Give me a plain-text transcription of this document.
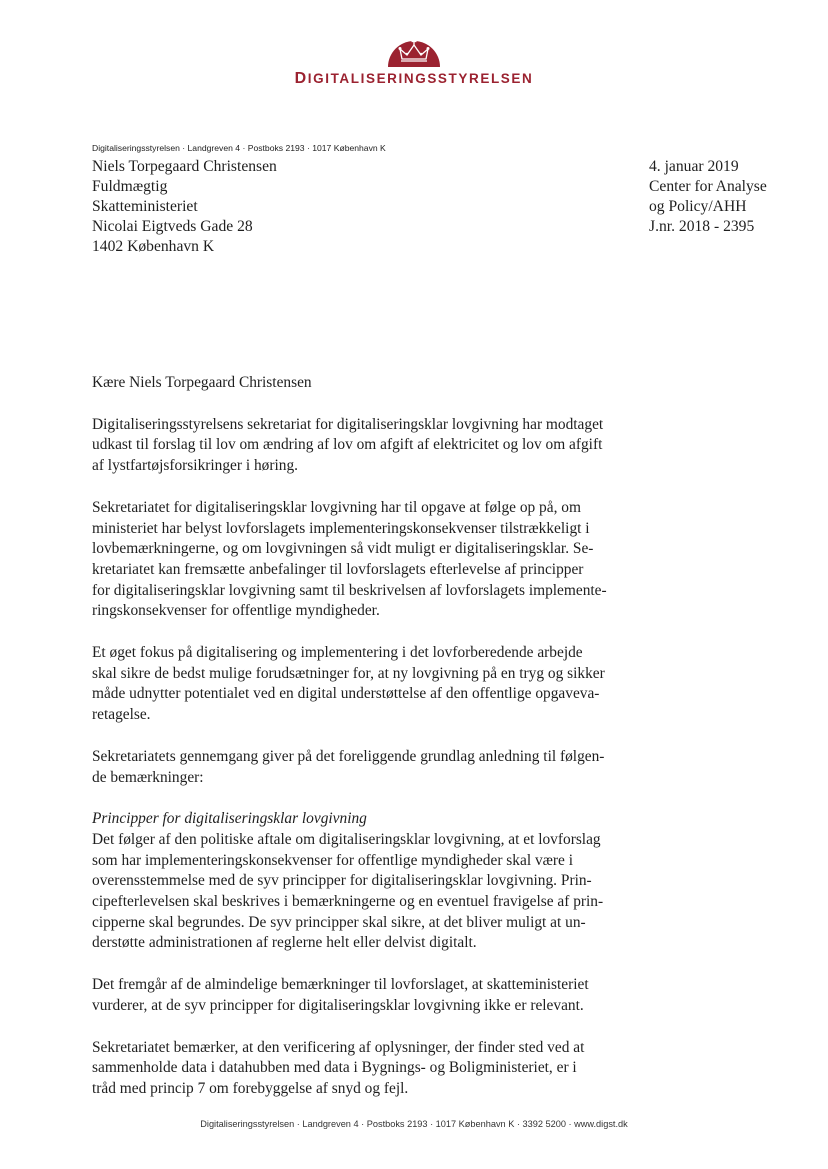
DIGITALISERINGSSTYRELSEN
Digitaliseringsstyrelsen · Landgreven 4 · Postboks 2193 · 1017 København K
Niels Torpegaard Christensen
Fuldmægtig
Skatteministeriet
Nicolai Eigtveds Gade 28
1402 København K
4. januar 2019
Center for Analyse
og Policy/AHH
J.nr. 2018 - 2395

Kære Niels Torpegaard Christensen

Digitaliseringsstyrelsens sekretariat for digitaliseringsklar lovgivning har modtaget
udkast til forslag til lov om ændring af lov om afgift af elektricitet og lov om afgift
af lystfartøjsforsikringer i høring.

Sekretariatet for digitaliseringsklar lovgivning har til opgave at følge op på, om
ministeriet har belyst lovforslagets implementeringskonsekvenser tilstrækkeligt i
lovbemærkningerne, og om lovgivningen så vidt muligt er digitaliseringsklar. Se-
kretariatet kan fremsætte anbefalinger til lovforslagets efterlevelse af principper
for digitaliseringsklar lovgivning samt til beskrivelsen af lovforslagets implemente-
ringskonsekvenser for offentlige myndigheder.

Et øget fokus på digitalisering og implementering i det lovforberedende arbejde
skal sikre de bedst mulige forudsætninger for, at ny lovgivning på en tryg og sikker
måde udnytter potentialet ved en digital understøttelse af den offentlige opgaveva-
retagelse.

Sekretariatets gennemgang giver på det foreliggende grundlag anledning til følgen-
de bemærkninger:

Principper for digitaliseringsklar lovgivning
Det følger af den politiske aftale om digitaliseringsklar lovgivning, at et lovforslag
som har implementeringskonsekvenser for offentlige myndigheder skal være i
overensstemmelse med de syv principper for digitaliseringsklar lovgivning. Prin-
cipefterlevelsen skal beskrives i bemærkningerne og en eventuel fravigelse af prin-
cipperne skal begrundes. De syv principper skal sikre, at det bliver muligt at un-
derstøtte administrationen af reglerne helt eller delvist digitalt.

Det fremgår af de almindelige bemærkninger til lovforslaget, at skatteministeriet
vurderer, at de syv principper for digitaliseringsklar lovgivning ikke er relevant.

Sekretariatet bemærker, at den verificering af oplysninger, der finder sted ved at
sammenholde data i datahubben med data i Bygnings- og Boligministeriet, er i
tråd med princip 7 om forebyggelse af snyd og fejl.

Digitaliseringsstyrelsen · Landgreven 4 · Postboks 2193 · 1017 København K · 3392 5200 · www.digst.dk
